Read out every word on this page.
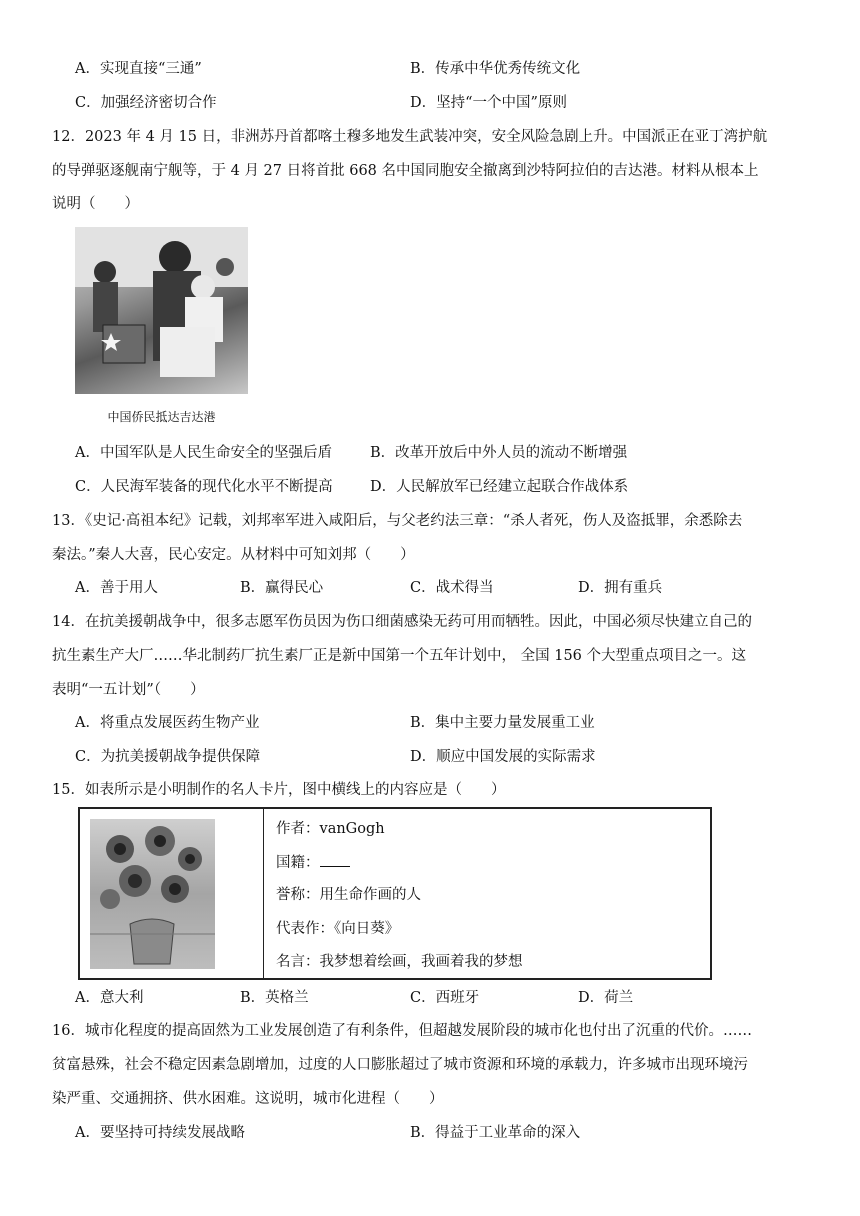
A．实现直接“三通”	B．传承中华优秀传统文化
C．加强经济密切合作	D．坚持“一个中国”原则
12．2023 年 4 月 15 日，非洲苏丹首都喀土穆多地发生武装冲突，安全风险急剧上升。中国派正在亚丁湾护航
的导弹驱逐舰南宁舰等，于 4 月 27 日将首批 668 名中国同胞安全撤离到沙特阿拉伯的吉达港。材料从根本上
说明（　　）
中国侨民抵达吉达港
A．中国军队是人民生命安全的坚强后盾	B．改革开放后中外人员的流动不断增强
C．人民海军装备的现代化水平不断提高	D．人民解放军已经建立起联合作战体系
13．《史记·高祖本纪》记载，刘邦率军进入咸阳后，与父老约法三章：“杀人者死，伤人及盗抵罪，余悉除去
秦法。”秦人大喜，民心安定。从材料中可知刘邦（　　）
A．善于用人	B．赢得民心	C．战术得当	D．拥有重兵
14．在抗美援朝战争中，很多志愿军伤员因为伤口细菌感染无药可用而牺牲。因此，中国必须尽快建立自己的
抗生素生产大厂……华北制药厂抗生素厂正是新中国第一个五年计划中， 全国 156 个大型重点项目之一。这
表明“一五计划”（　　）
A．将重点发展医药生物产业	B．集中主要力量发展重工业
C．为抗美援朝战争提供保障	D．顺应中国发展的实际需求
15．如表所示是小明制作的名人卡片，图中横线上的内容应是（　　）
作者：vanGogh
国籍：
誉称：用生命作画的人
代表作：《向日葵》
名言：我梦想着绘画，我画着我的梦想
A．意大利	B．英格兰	C．西班牙	D．荷兰
16．城市化程度的提高固然为工业发展创造了有利条件，但超越发展阶段的城市化也付出了沉重的代价。……
贫富悬殊，社会不稳定因素急剧增加，过度的人口膨胀超过了城市资源和环境的承载力，许多城市出现环境污
染严重、交通拥挤、供水困难。这说明，城市化进程（　　）
A．要坚持可持续发展战略	B．得益于工业革命的深入
